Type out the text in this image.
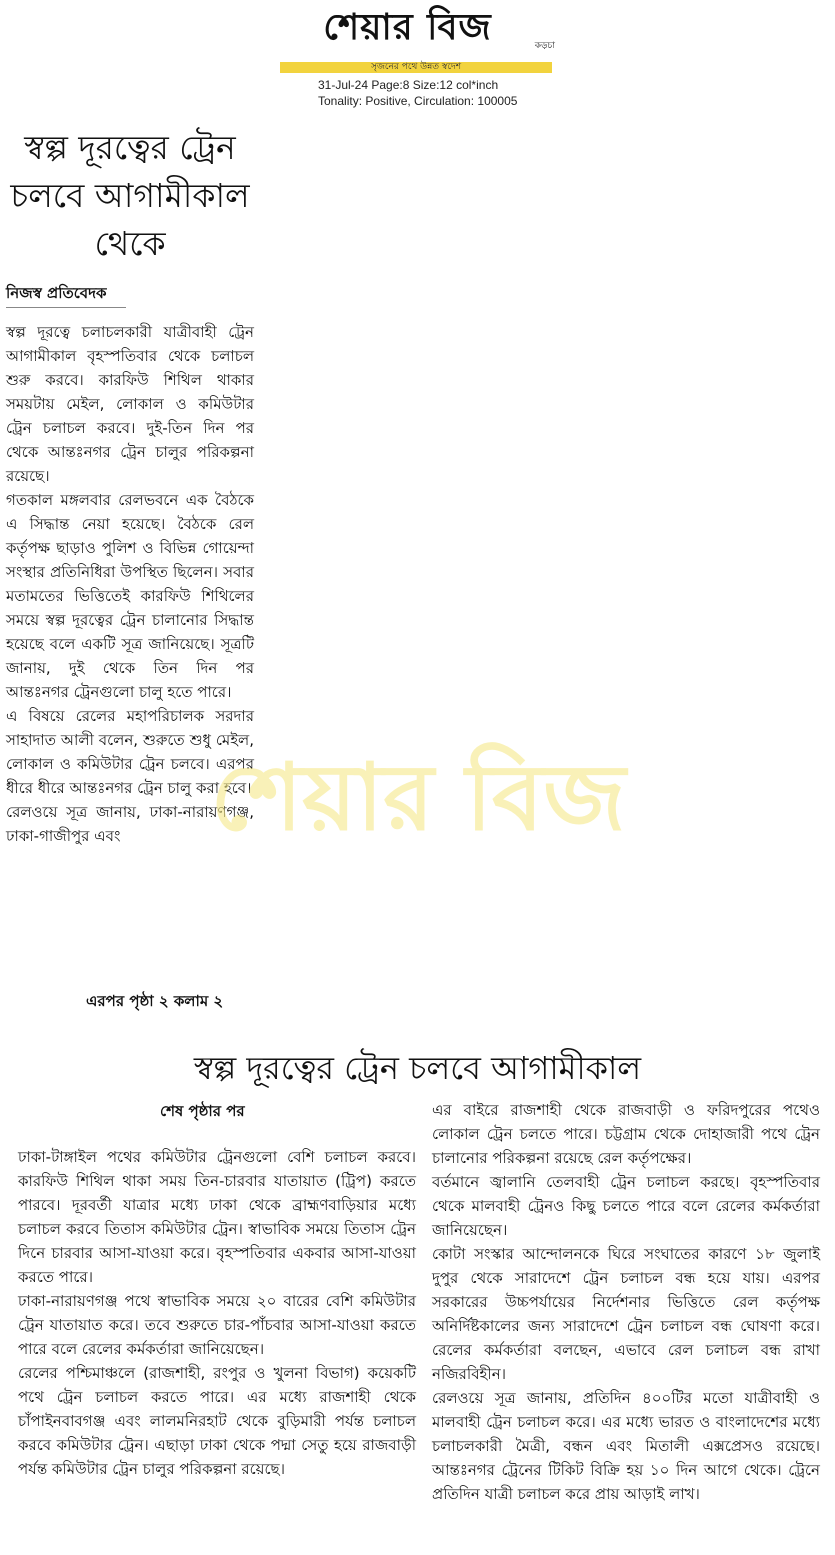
শেয়ার বিজ	কড়চা
সৃজনের পথে উন্নত স্বদেশ
31-Jul-24 Page:8 Size:12 col*inch
Tonality: Positive, Circulation: 100005
স্বল্প দূরত্বের ট্রেন চলবে আগামীকাল থেকে
নিজস্ব প্রতিবেদক

স্বল্প দূরত্বে চলাচলকারী যাত্রীবাহী ট্রেন আগামীকাল বৃহস্পতিবার থেকে চলাচল শুরু করবে। কারফিউ শিথিল থাকার সময়টায় মেইল, লোকাল ও কমিউটার ট্রেন চলাচল করবে। দুই-তিন দিন পর থেকে আন্তঃনগর ট্রেন চালুর পরিকল্পনা রয়েছে।

গতকাল মঙ্গলবার রেলভবনে এক বৈঠকে এ সিদ্ধান্ত নেয়া হয়েছে। বৈঠকে রেল কর্তৃপক্ষ ছাড়াও পুলিশ ও বিভিন্ন গোয়েন্দা সংস্থার প্রতিনিধিরা উপস্থিত ছিলেন। সবার মতামতের ভিত্তিতেই কারফিউ শিথিলের সময়ে স্বল্প দূরত্বের ট্রেন চালানোর সিদ্ধান্ত হয়েছে বলে একটি সূত্র জানিয়েছে। সূত্রটি জানায়, দুই থেকে তিন দিন পর আন্তঃনগর ট্রেনগুলো চালু হতে পারে।

এ বিষয়ে রেলের মহাপরিচালক সরদার সাহাদাত আলী বলেন, শুরুতে শুধু মেইল, লোকাল ও কমিউটার ট্রেন চলবে। এরপর ধীরে ধীরে আন্তঃনগর ট্রেন চালু করা হবে।

রেলওয়ে সূত্র জানায়, ঢাকা-নারায়ণগঞ্জ, ঢাকা-গাজীপুর এবং

এরপর পৃষ্ঠা ২ কলাম ২
শেয়ার বিজ
স্বল্প দূরত্বের ট্রেন চলবে আগামীকাল
শেষ পৃষ্ঠার পর

ঢাকা-টাঙ্গাইল পথের কমিউটার ট্রেনগুলো বেশি চলাচল করবে। কারফিউ শিথিল থাকা সময় তিন-চারবার যাতায়াত (ট্রিপ) করতে পারবে। দূরবর্তী যাত্রার মধ্যে ঢাকা থেকে ব্রাহ্মণবাড়িয়ার মধ্যে চলাচল করবে তিতাস কমিউটার ট্রেন। স্বাভাবিক সময়ে তিতাস ট্রেন দিনে চারবার আসা-যাওয়া করে। বৃহস্পতিবার একবার আসা-যাওয়া করতে পারে।

ঢাকা-নারায়ণগঞ্জ পথে স্বাভাবিক সময়ে ২০ বারের বেশি কমিউটার ট্রেন যাতায়াত করে। তবে শুরুতে চার-পাঁচবার আসা-যাওয়া করতে পারে বলে রেলের কর্মকর্তারা জানিয়েছেন।

রেলের পশ্চিমাঞ্চলে (রাজশাহী, রংপুর ও খুলনা বিভাগ) কয়েকটি পথে ট্রেন চলাচল করতে পারে। এর মধ্যে রাজশাহী থেকে চাঁপাইনবাবগঞ্জ এবং লালমনিরহাট থেকে বুড়িমারী পর্যন্ত চলাচল করবে কমিউটার ট্রেন। এছাড়া ঢাকা থেকে পদ্মা সেতু হয়ে রাজবাড়ী পর্যন্ত কমিউটার ট্রেন চালুর পরিকল্পনা রয়েছে।

এর বাইরে রাজশাহী থেকে রাজবাড়ী ও ফরিদপুরের পথেও লোকাল ট্রেন চলতে পারে। চট্টগ্রাম থেকে দোহাজারী পথে ট্রেন চালানোর পরিকল্পনা রয়েছে রেল কর্তৃপক্ষের।

বর্তমানে জ্বালানি তেলবাহী ট্রেন চলাচল করছে। বৃহস্পতিবার থেকে মালবাহী ট্রেনও কিছু চলতে পারে বলে রেলের কর্মকর্তারা জানিয়েছেন।

কোটা সংস্কার আন্দোলনকে ঘিরে সংঘাতের কারণে ১৮ জুলাই দুপুর থেকে সারাদেশে ট্রেন চলাচল বন্ধ হয়ে যায়। এরপর সরকারের উচ্চপর্যায়ের নির্দেশনার ভিত্তিতে রেল কর্তৃপক্ষ অনির্দিষ্টকালের জন্য সারাদেশে ট্রেন চলাচল বন্ধ ঘোষণা করে। রেলের কর্মকর্তারা বলছেন, এভাবে রেল চলাচল বন্ধ রাখা নজিরবিহীন।

রেলওয়ে সূত্র জানায়, প্রতিদিন ৪০০টির মতো যাত্রীবাহী ও মালবাহী ট্রেন চলাচল করে। এর মধ্যে ভারত ও বাংলাদেশের মধ্যে চলাচলকারী মৈত্রী, বন্ধন এবং মিতালী এক্সপ্রেসও রয়েছে। আন্তঃনগর ট্রেনের টিকিট বিক্রি হয় ১০ দিন আগে থেকে। ট্রেনে প্রতিদিন যাত্রী চলাচল করে প্রায় আড়াই লাখ।
